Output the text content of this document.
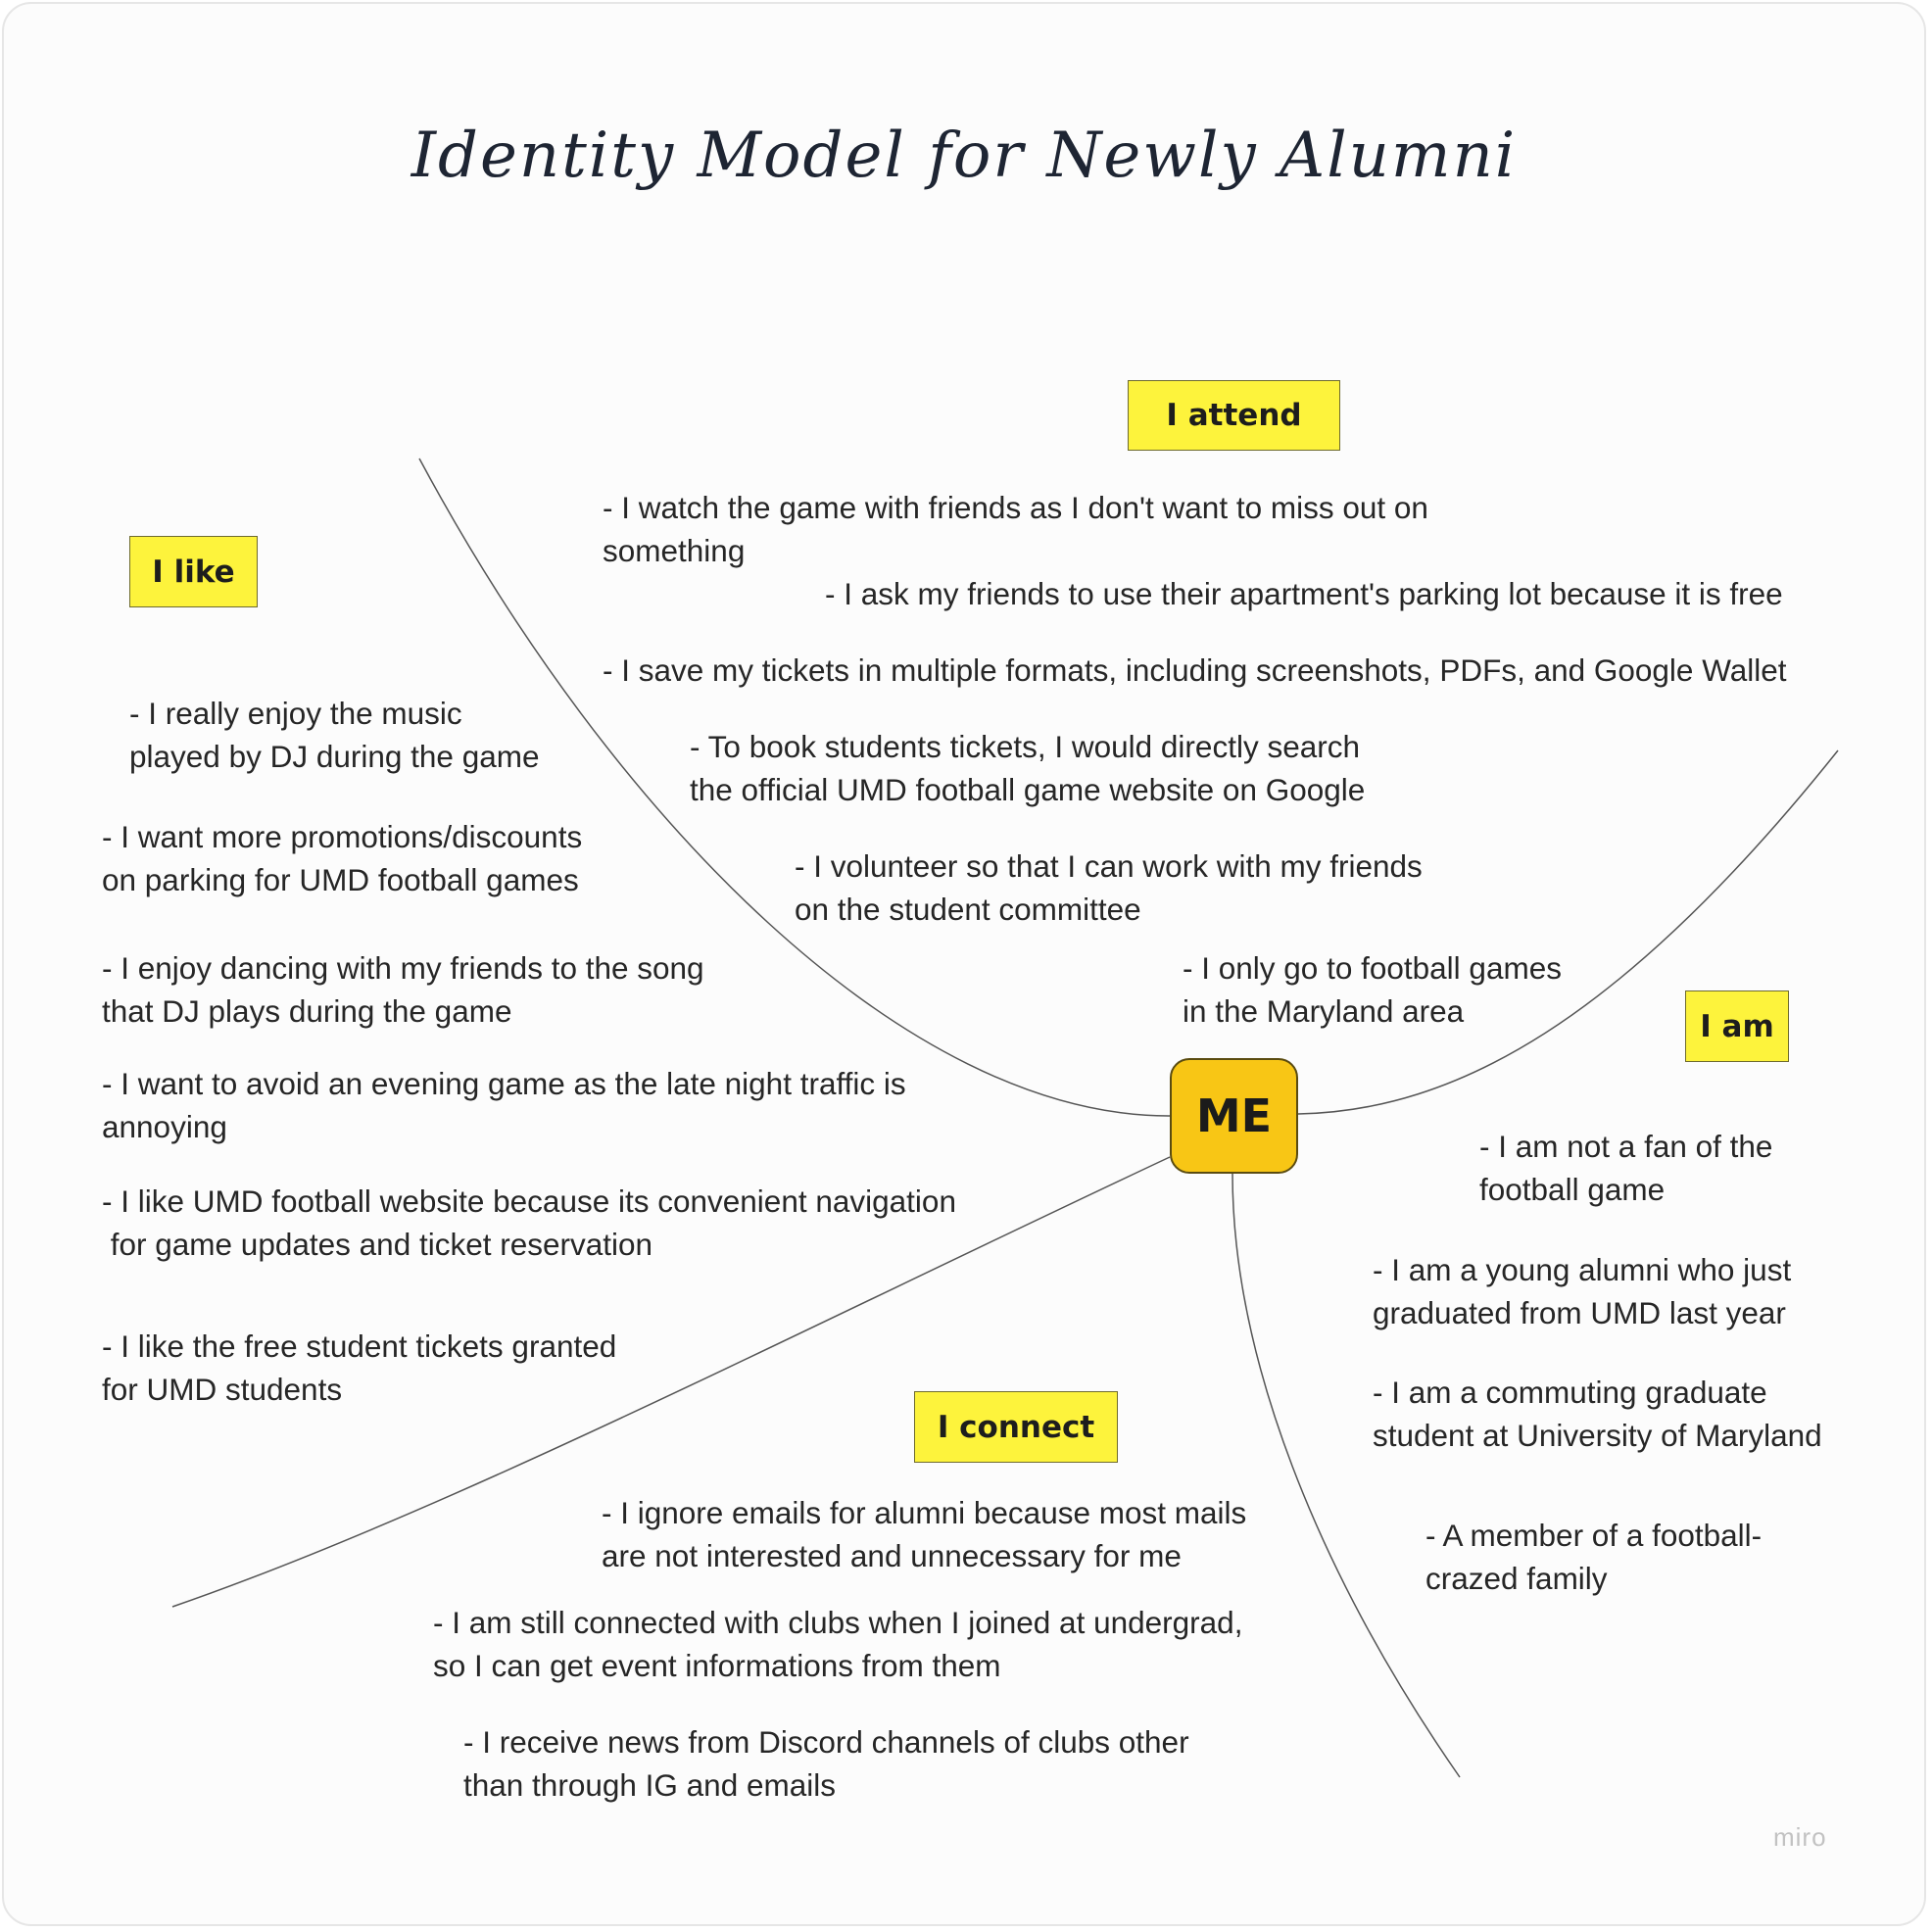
Identity Model for Newly Alumni
ME
I attend
I like
I am
I connect
- I watch the game with friends as I don't want to miss out on
something
- I ask my friends to use their apartment's parking lot because it is free
- I save my tickets in multiple formats, including screenshots, PDFs, and Google Wallet
- To book students tickets, I would directly search
the official UMD football game website on Google
- I volunteer so that I can work with my friends
on the student committee
- I only go to football games
in the Maryland area
- I really enjoy the music
played by DJ during the game
- I want more promotions/discounts
on parking for UMD football games
- I enjoy dancing with my friends to the song
that DJ plays during the game
- I want to avoid an evening game as the late night traffic is
annoying
- I like UMD football website because its convenient navigation
for game updates and ticket reservation
- I like the free student tickets granted
for UMD students
- I am not a fan of the
football game
- I am a young alumni who just
graduated from UMD last year
- I am a commuting graduate
student at University of Maryland
- A member of a football-
crazed family
- I ignore emails for alumni because most mails
are not interested and unnecessary for me
- I am still connected with clubs when I joined at undergrad,
so I can get event informations from them
- I receive news from Discord channels of clubs other
than through IG and emails
miro
